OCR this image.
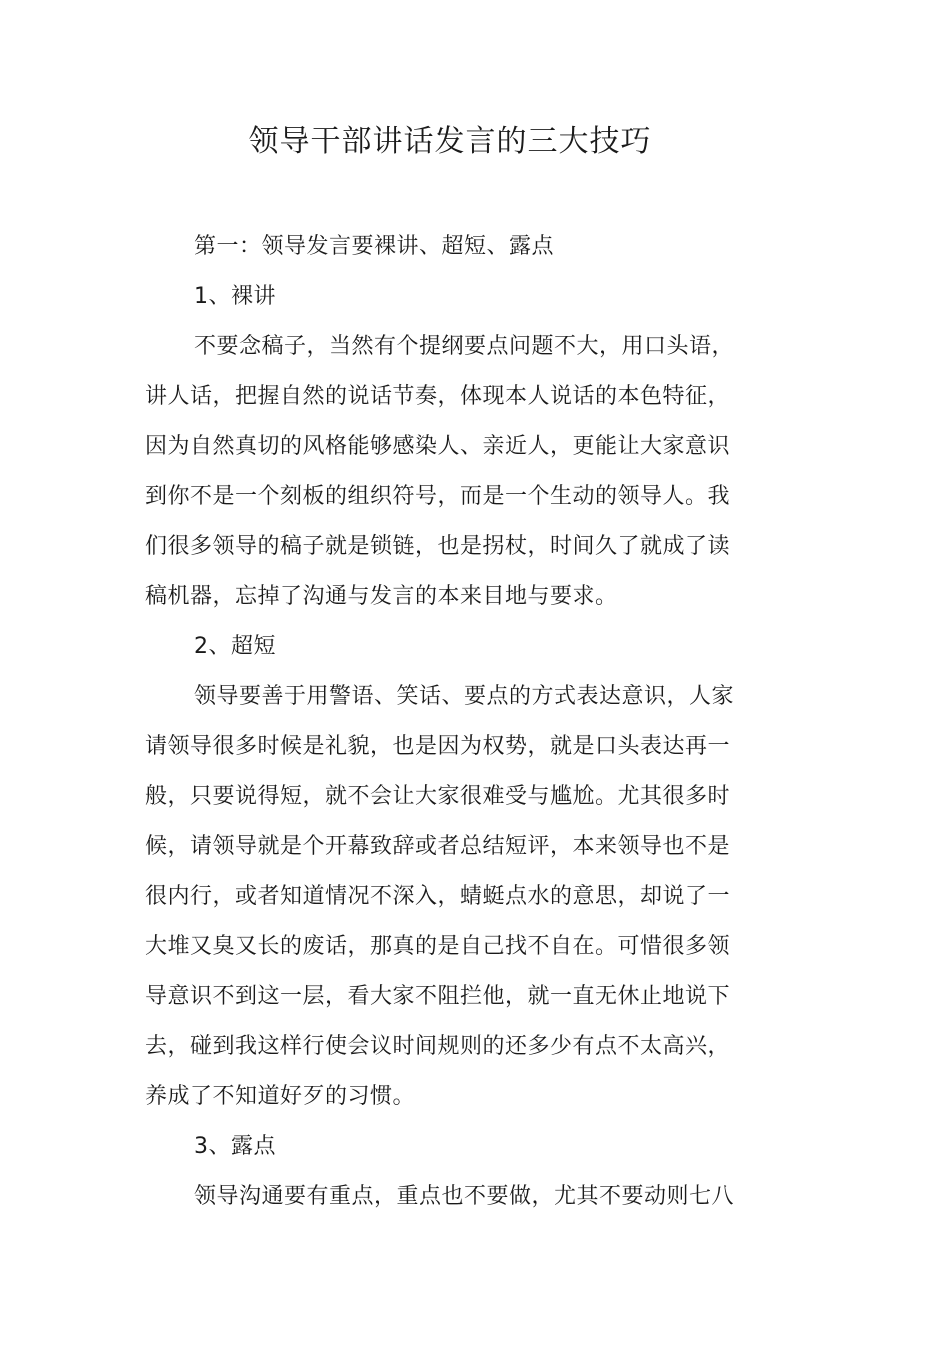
领导干部讲话发言的三大技巧
第一：领导发言要裸讲、超短、露点
1、裸讲
不要念稿子，当然有个提纲要点问题不大，用口头语，
讲人话，把握自然的说话节奏，体现本人说话的本色特征，
因为自然真切的风格能够感染人、亲近人，更能让大家意识
到你不是一个刻板的组织符号，而是一个生动的领导人。我
们很多领导的稿子就是锁链，也是拐杖，时间久了就成了读
稿机器，忘掉了沟通与发言的本来目地与要求。
2、超短
领导要善于用警语、笑话、要点的方式表达意识，人家
请领导很多时候是礼貌，也是因为权势，就是口头表达再一
般，只要说得短，就不会让大家很难受与尴尬。尤其很多时
候，请领导就是个开幕致辞或者总结短评，本来领导也不是
很内行，或者知道情况不深入，蜻蜓点水的意思，却说了一
大堆又臭又长的废话，那真的是自己找不自在。可惜很多领
导意识不到这一层，看大家不阻拦他，就一直无休止地说下
去，碰到我这样行使会议时间规则的还多少有点不太高兴，
养成了不知道好歹的习惯。
3、露点
领导沟通要有重点，重点也不要做，尤其不要动则七八
